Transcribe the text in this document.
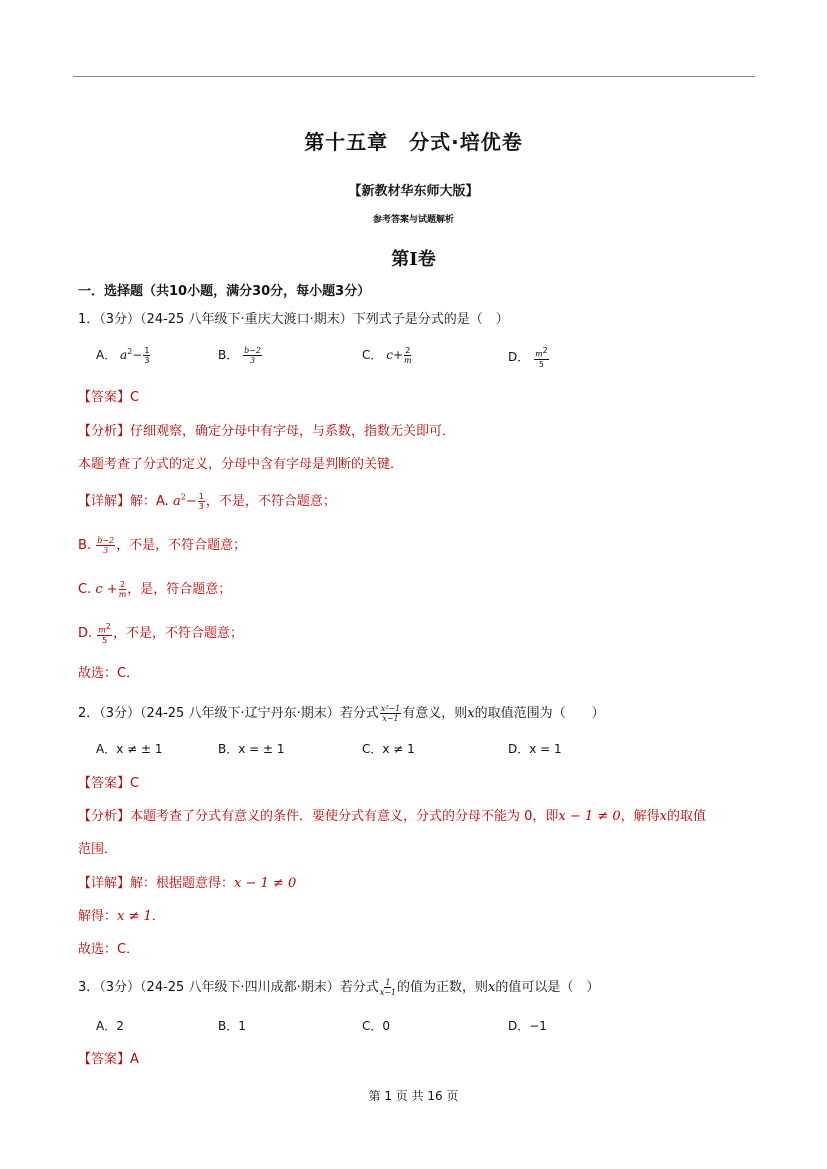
第十五章　分式·培优卷
【新教材华东师大版】
参考答案与试题解析
第I卷
一．选择题（共10小题，满分30分，每小题3分）
1．（3分）（24-25 八年级下·重庆大渡口·期末）下列式子是分式的是（　）
A． $a^2- \frac{1}{3}$	B． $\frac{b-2}{3}$	C． $c+ \frac{2}{m}$	D． $\frac{m^2}{5}$
【答案】C
【分析】仔细观察，确定分母中有字母，与系数，指数无关即可．
本题考查了分式的定义，分母中含有字母是判断的关键．
【详解】解：A. $a^2- \frac{1}{3}$ ，不是，不符合题意；
B. $\frac{b-2}{3}$ ，不是，不符合题意；
C. $c + \frac{2}{m}$ ，是，符合题意；
D. $\frac{m^2}{5}$ ，不是，不符合题意；
故选：C．
2．（3分）（24-25 八年级下·辽宁丹东·期末）若分式 $\frac{\text{x²−1}}{x-1}$ 有意义，则x的取值范围为（　　）
A．x ≠ ± 1	B．x = ± 1	C．x ≠ 1	D．x = 1
【答案】C
【分析】本题考查了分式有意义的条件．要使分式有意义，分式的分母不能为 0，即x − 1 ≠ 0，解得x的取值
范围．
【详解】解：根据题意得：x − 1 ≠ 0
解得：x ≠ 1．
故选：C．
3．（3分）（24-25 八年级下·四川成都·期末）若分式 $\frac{1}{x-1}$ 的值为正数，则x的值可以是（　）
A．2	B．1	C．0	D．−1
【答案】A
第 1 页 共 16 页
